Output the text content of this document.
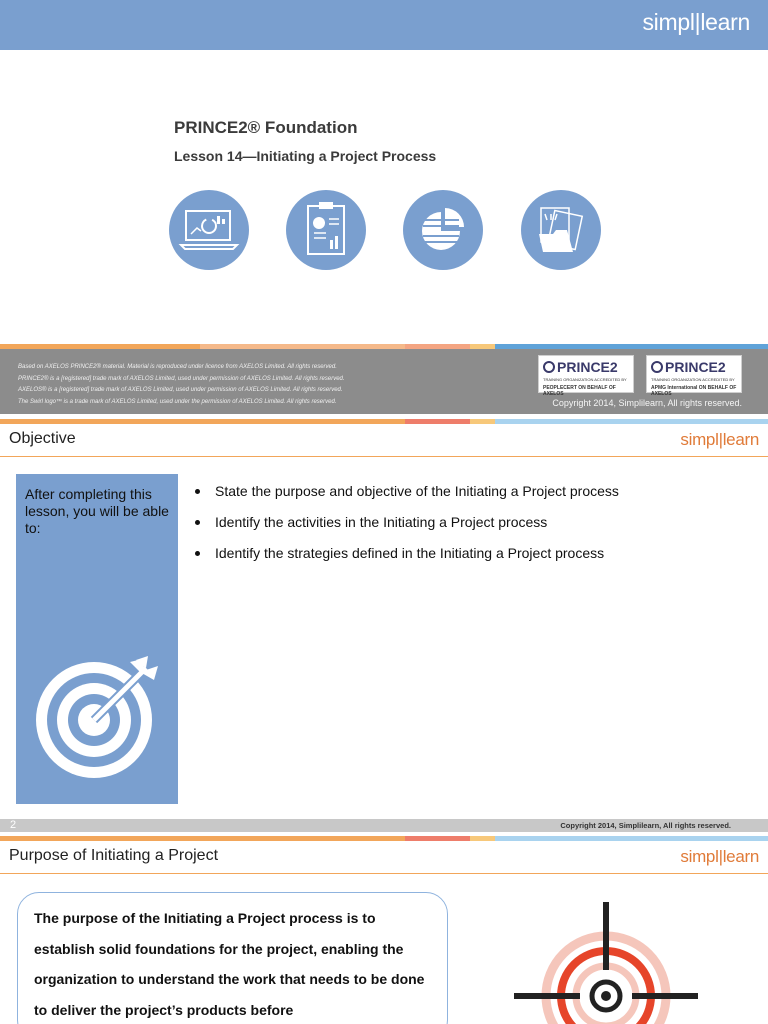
simpl|learn
PRINCE2® Foundation
Lesson 14—Initiating a Project Process
Based on AXELOS PRINCE2® material. Material is reproduced under licence from AXELOS Limited. All rights reserved.
PRINCE2® is a [registered] trade mark of AXELOS Limited, used under permission of AXELOS Limited. All rights reserved.
AXELOS® is a [registered] trade mark of AXELOS Limited, used under permission of AXELOS Limited. All rights reserved.
The Swirl logo™ is a trade mark of AXELOS Limited, used under the permission of AXELOS Limited. All rights reserved.
PRINCE2
TRAINING ORGANIZATION ACCREDITED BY
PEOPLECERT ON BEHALF OF AXELOS
PRINCE2
TRAINING ORGANIZATION ACCREDITED BY
APMG International ON BEHALF OF AXELOS
Copyright 2014, Simplilearn, All rights reserved.
Objective	simpl|learn
After completing this lesson, you will be able to:
State the purpose and objective of the Initiating a Project process
Identify the activities in the Initiating a Project process
Identify the strategies defined in the Initiating a Project process
2	Copyright 2014, Simplilearn, All rights reserved.
Purpose of Initiating a Project	simpl|learn
The purpose of the Initiating a Project process is to establish solid foundations for the project, enabling the organization to understand the work that needs to be done to deliver the project’s products before
